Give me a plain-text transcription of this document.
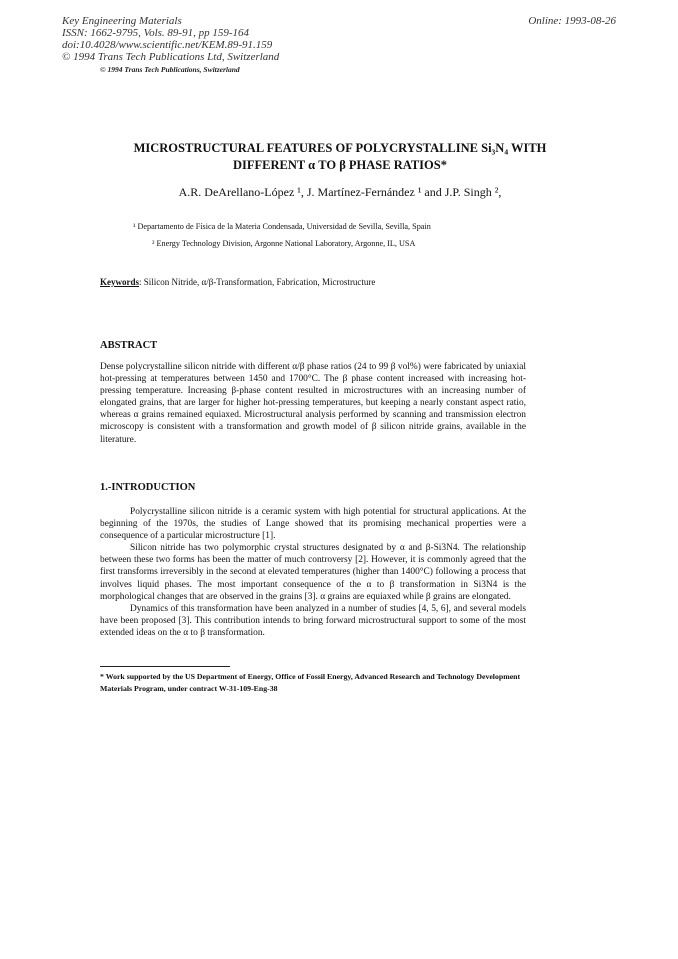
Key Engineering Materials
ISSN: 1662-9795, Vols. 89-91, pp 159-164
doi:10.4028/www.scientific.net/KEM.89-91.159
© 1994 Trans Tech Publications Ltd, Switzerland
Online: 1993-08-26
© 1994 Trans Tech Publications, Switzerland
MICROSTRUCTURAL FEATURES OF POLYCRYSTALLINE Si₃N₄ WITH
DIFFERENT α TO β PHASE RATIOS*
A.R. DeArellano-López ¹, J. Martínez-Fernández ¹ and J.P. Singh ²,
¹ Departamento de Física de la Materia Condensada, Universidad de Sevilla, Sevilla, Spain
² Energy Technology Division, Argonne National Laboratory, Argonne, IL, USA
Keywords: Silicon Nitride, α/β-Transformation, Fabrication, Microstructure
ABSTRACT
Dense polycrystalline silicon nitride with different α/β phase ratios (24 to 99 β vol%) were fabricated by uniaxial hot-pressing at temperatures between 1450 and 1700°C. The β phase content increased with increasing hot-pressing temperature. Increasing β-phase content resulted in microstructures with an increasing number of elongated grains, that are larger for higher hot-pressing temperatures, but keeping a nearly constant aspect ratio, whereas α grains remained equiaxed. Microstructural analysis performed by scanning and transmission electron microscopy is consistent with a transformation and growth model of β silicon nitride grains, available in the literature.
1.-INTRODUCTION
Polycrystalline silicon nitride is a ceramic system with high potential for structural applications. At the beginning of the 1970s, the studies of Lange showed that its promising mechanical properties were a consequence of a particular microstructure [1].
Silicon nitride has two polymorphic crystal structures designated by α and β-Si3N4. The relationship between these two forms has been the matter of much controversy [2]. However, it is commonly agreed that the first transforms irreversibly in the second at elevated temperatures (higher than 1400°C) following a process that involves liquid phases. The most important consequence of the α to β transformation in Si3N4 is the morphological changes that are observed in the grains [3]. α grains are equiaxed while β grains are elongated.
Dynamics of this transformation have been analyzed in a number of studies [4, 5, 6], and several models have been proposed [3]. This contribution intends to bring forward microstructural support to some of the most extended ideas on the α to β transformation.
* Work supported by the US Department of Energy, Office of Fossil Energy, Advanced Research and Technology Development Materials Program, under contract W-31-109-Eng-38
